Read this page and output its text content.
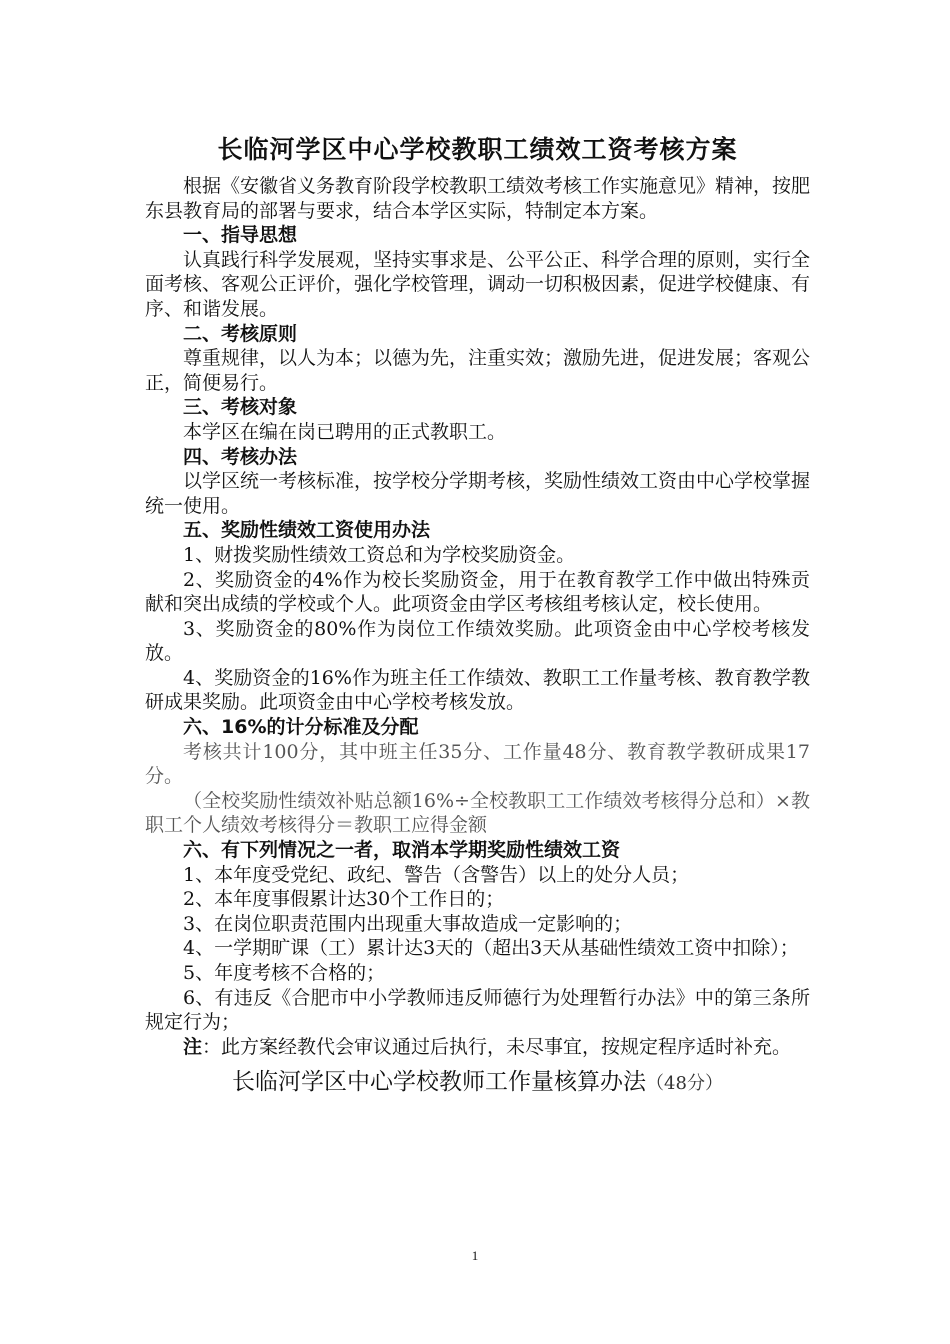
长临河学区中心学校教职工绩效工资考核方案

根据《安徽省义务教育阶段学校教职工绩效考核工作实施意见》精神，按肥东县教育局的部署与要求，结合本学区实际，特制定本方案。

一、指导思想

认真践行科学发展观，坚持实事求是、公平公正、科学合理的原则，实行全面考核、客观公正评价，强化学校管理，调动一切积极因素，促进学校健康、有序、和谐发展。

二、考核原则

尊重规律，以人为本；以德为先，注重实效；激励先进，促进发展；客观公正，简便易行。

三、考核对象

本学区在编在岗已聘用的正式教职工。

四、考核办法

以学区统一考核标准，按学校分学期考核，奖励性绩效工资由中心学校掌握统一使用。

五、奖励性绩效工资使用办法

1、财拨奖励性绩效工资总和为学校奖励资金。

2、奖励资金的4%作为校长奖励资金，用于在教育教学工作中做出特殊贡献和突出成绩的学校或个人。此项资金由学区考核组考核认定，校长使用。

3、奖励资金的80%作为岗位工作绩效奖励。此项资金由中心学校考核发放。

4、奖励资金的16%作为班主任工作绩效、教职工工作量考核、教育教学教研成果奖励。此项资金由中心学校考核发放。

六、16%的计分标准及分配

考核共计100分，其中班主任35分、工作量48分、教育教学教研成果17分。

（全校奖励性绩效补贴总额16%÷全校教职工工作绩效考核得分总和）×教职工个人绩效考核得分＝教职工应得金额

六、有下列情况之一者，取消本学期奖励性绩效工资

1、本年度受党纪、政纪、警告（含警告）以上的处分人员；

2、本年度事假累计达30个工作日的；

3、在岗位职责范围内出现重大事故造成一定影响的；

4、一学期旷课（工）累计达3天的（超出3天从基础性绩效工资中扣除）；

5、年度考核不合格的；

6、有违反《合肥市中小学教师违反师德行为处理暂行办法》中的第三条所规定行为；

注：此方案经教代会审议通过后执行，未尽事宜，按规定程序适时补充。

长临河学区中心学校教师工作量核算办法（48分）
1
